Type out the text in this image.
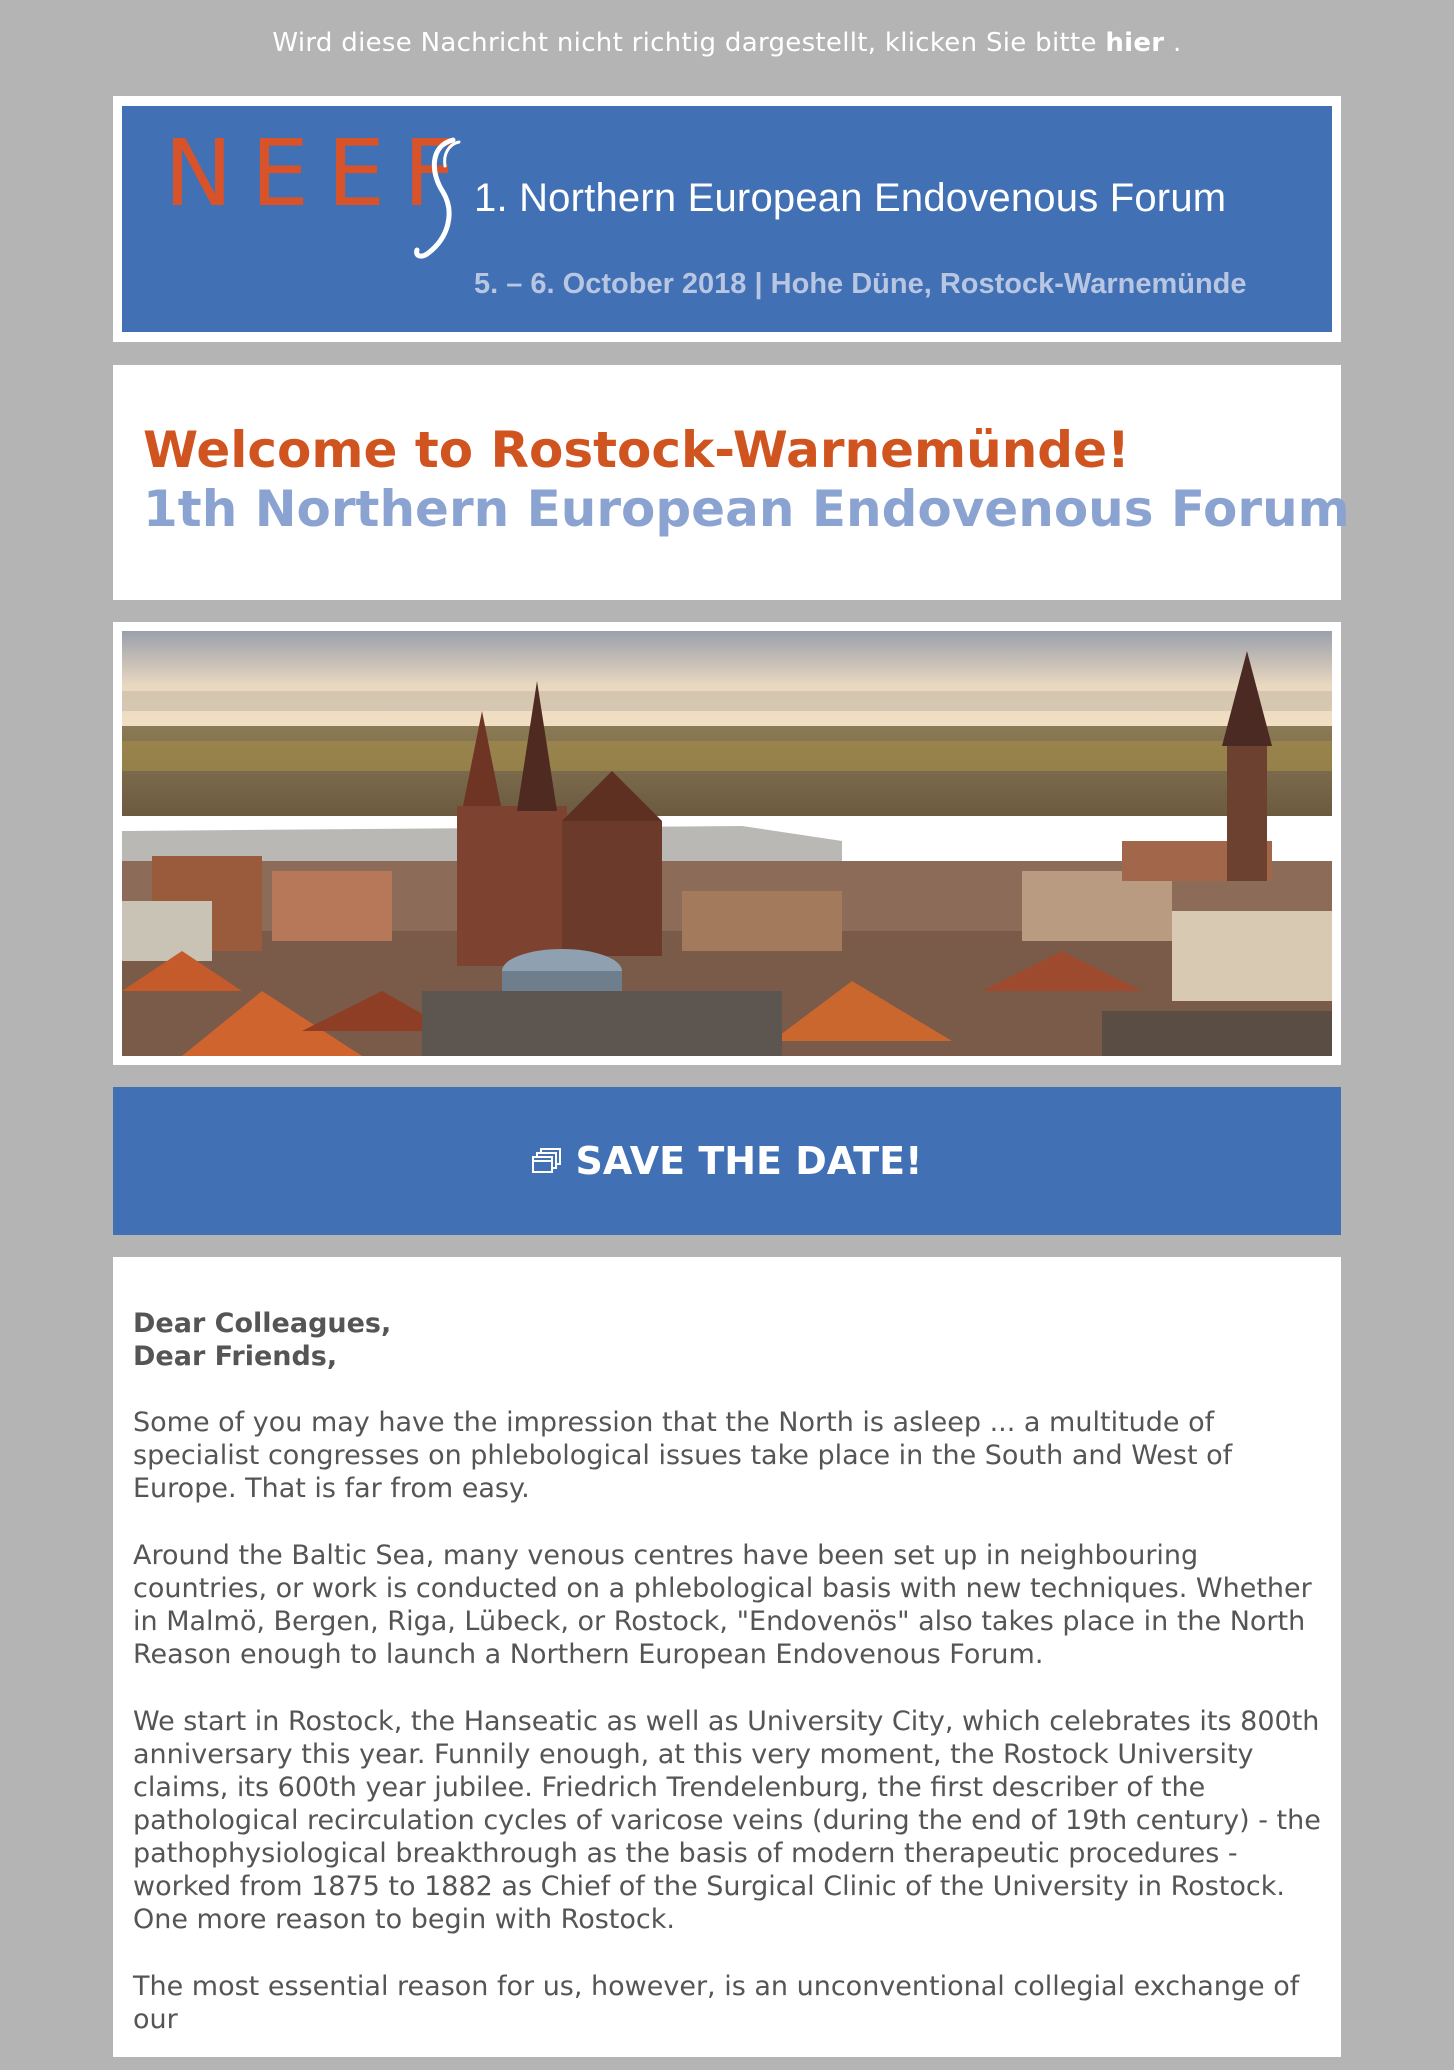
Wird diese Nachricht nicht richtig dargestellt, klicken Sie bitte hier .
NEEF 1. Northern European Endovenous Forum
5. – 6. October 2018 | Hohe Düne, Rostock-Warnemünde
Welcome to Rostock-Warnemünde!
1th Northern European Endovenous Forum
SAVE THE DATE!

Dear Colleagues,
Dear Friends,

Some of you may have the impression that the North is asleep ... a multitude of specialist congresses on phlebological issues take place in the South and West of Europe. That is far from easy.

Around the Baltic Sea, many venous centres have been set up in neighbouring countries, or work is conducted on a phlebological basis with new techniques. Whether in Malmö, Bergen, Riga, Lübeck, or Rostock, "Endovenös" also takes place in the North Reason enough to launch a Northern European Endovenous Forum.

We start in Rostock, the Hanseatic as well as University City, which celebrates its 800th anniversary this year. Funnily enough, at this very moment, the Rostock University claims, its 600th year jubilee. Friedrich Trendelenburg, the first describer of the pathological recirculation cycles of varicose veins (during the end of 19th century) - the pathophysiological breakthrough as the basis of modern therapeutic procedures - worked from 1875 to 1882 as Chief of the Surgical Clinic of the University in Rostock. One more reason to begin with Rostock.

The most essential reason for us, however, is an unconventional collegial exchange of our
